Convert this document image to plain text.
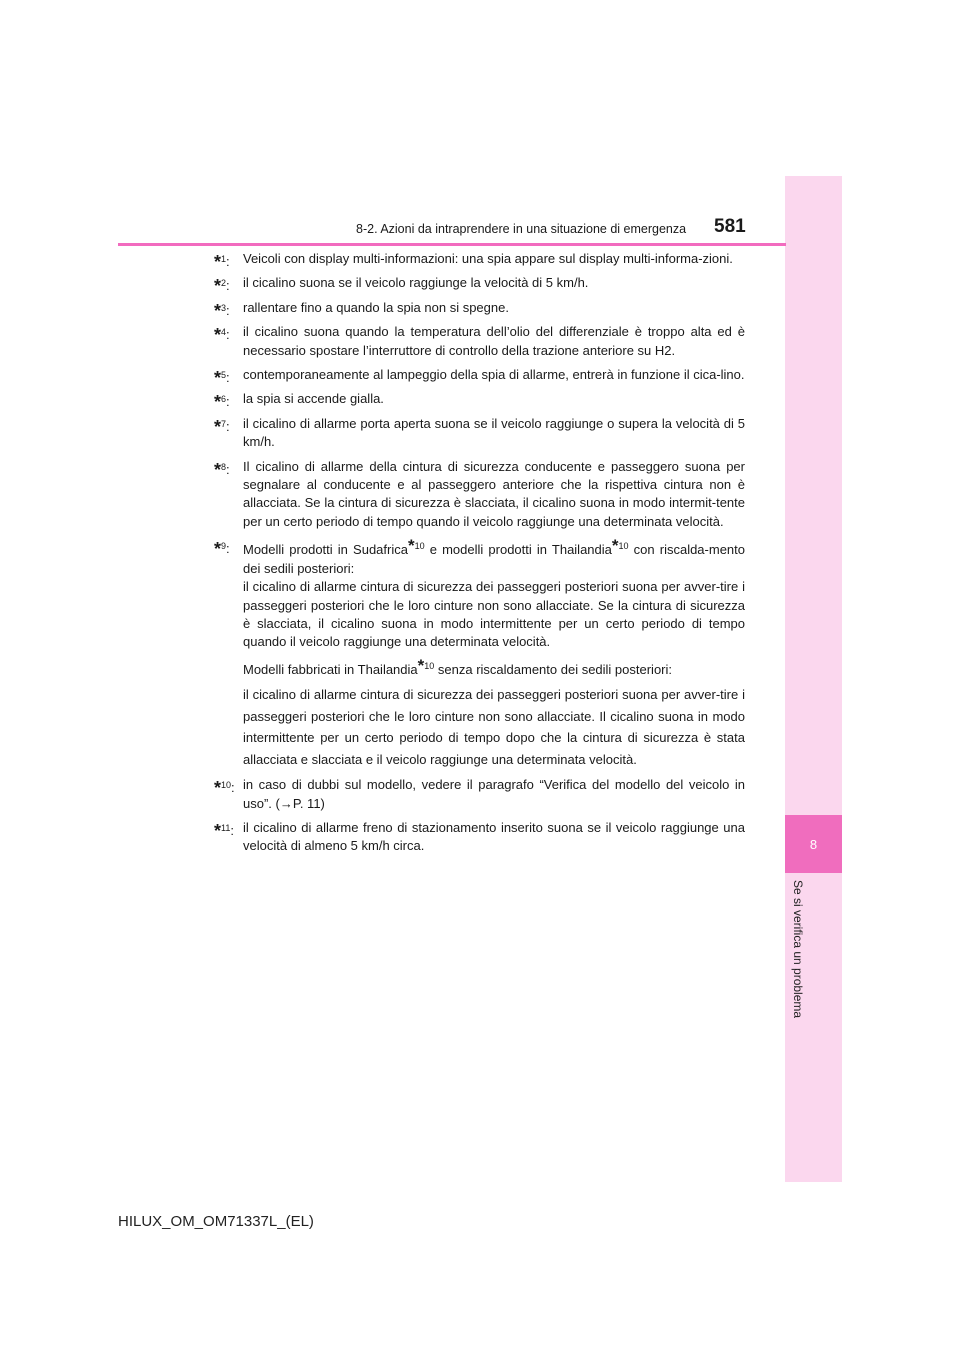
8
Se si verifica un problema
8-2. Azioni da intraprendere in una situazione di emergenza 581
*$^1$:	Veicoli con display multi-informazioni: una spia appare sul display multi-informa-zioni.
*$^2$:	il cicalino suona se il veicolo raggiunge la velocità di 5 km/h.
*$^3$:	rallentare fino a quando la spia non si spegne.
*$^4$:	il cicalino suona quando la temperatura dell’olio del differenziale è troppo alta ed è necessario spostare l’interruttore di controllo della trazione anteriore su H2.
*$^5$:	contemporaneamente al lampeggio della spia di allarme, entrerà in funzione il cica-lino.
*$^6$:	la spia si accende gialla.
*$^7$:	il cicalino di allarme porta aperta suona se il veicolo raggiunge o supera la velocità di 5 km/h.
*$^8$:	Il cicalino di allarme della cintura di sicurezza conducente e passeggero suona per segnalare al conducente e al passeggero anteriore che la rispettiva cintura non è allacciata. Se la cintura di sicurezza è slacciata, il cicalino suona in modo intermit-tente per un certo periodo di tempo quando il veicolo raggiunge una determinata velocità.
*$^9$:	Modelli prodotti in Sudafrica*$^{10}$ e modelli prodotti in Thailandia*$^{10}$ con riscalda-mento dei sedili posteriori:

il cicalino di allarme cintura di sicurezza dei passeggeri posteriori suona per avver-tire i passeggeri posteriori che le loro cinture non sono allacciate. Se la cintura di sicurezza è slacciata, il cicalino suona in modo intermittente per un certo periodo di tempo quando il veicolo raggiunge una determinata velocità.

Modelli fabbricati in Thailandia*$^{10}$ senza riscaldamento dei sedili posteriori:

il cicalino di allarme cintura di sicurezza dei passeggeri posteriori suona per avver-tire i passeggeri posteriori che le loro cinture non sono allacciate. Il cicalino suona in modo intermittente per un certo periodo di tempo dopo che la cintura di sicurezza è stata allacciata e slacciata e il veicolo raggiunge una determinata velocità.

*$^{10}$: in caso di dubbi sul modello, vedere il paragrafo “Verifica del modello del veicolo in uso”. (→P. 11)
*$^{11}$: il cicalino di allarme freno di stazionamento inserito suona se il veicolo raggiunge una velocità di almeno 5 km/h circa.
HILUX_OM_OM71337L_(EL)
